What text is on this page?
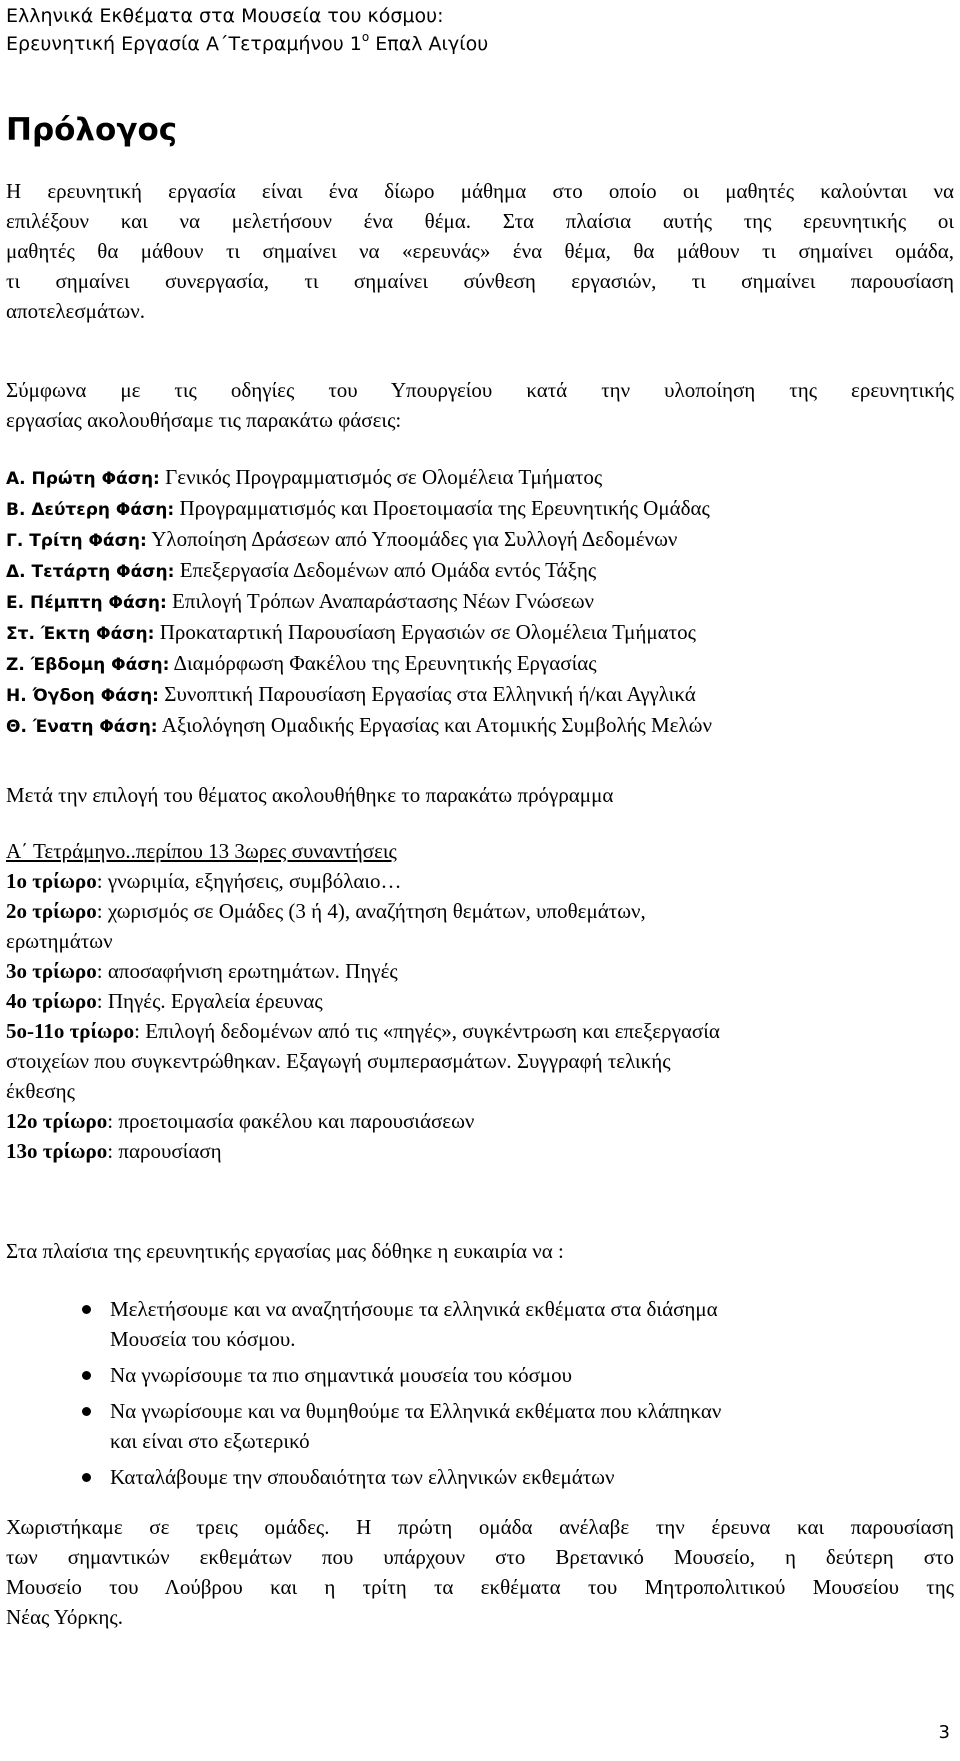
Ελληνικά Εκθέματα στα Μουσεία του κόσμου:
Ερευνητική Εργασία Α΄Τετραμήνου $1^o$ Επαλ Αιγίου
Πρόλογος
Η ερευνητική εργασία είναι ένα δίωρο μάθημα στο οποίο οι μαθητές καλούνται να
επιλέξουν και να μελετήσουν ένα θέμα. Στα πλαίσια αυτής της ερευνητικής οι
μαθητές θα μάθουν τι σημαίνει να «ερευνάς» ένα θέμα, θα μάθουν τι σημαίνει ομάδα,
τι σημαίνει συνεργασία, τι σημαίνει σύνθεση εργασιών, τι σημαίνει παρουσίαση
αποτελεσμάτων.
Σύμφωνα με τις οδηγίες του Υπουργείου κατά την υλοποίηση της ερευνητικής
εργασίας ακολουθήσαμε τις παρακάτω φάσεις:
Α. Πρώτη Φάση: Γενικός Προγραμματισμός σε Ολομέλεια Τμήματος
Β. Δεύτερη Φάση: Προγραμματισμός και Προετοιμασία της Ερευνητικής Ομάδας
Γ. Τρίτη Φάση: Υλοποίηση Δράσεων από Υποομάδες για Συλλογή Δεδομένων
Δ. Τετάρτη Φάση: Επεξεργασία Δεδομένων από Ομάδα εντός Τάξης
Ε. Πέμπτη Φάση: Επιλογή Τρόπων Αναπαράστασης Νέων Γνώσεων
Στ. Έκτη Φάση: Προκαταρτική Παρουσίαση Εργασιών σε Ολομέλεια Τμήματος
Ζ. Έβδομη Φάση: Διαμόρφωση Φακέλου της Ερευνητικής Εργασίας
Η. Όγδοη Φάση: Συνοπτική Παρουσίαση Εργασίας στα Ελληνική ή/και Αγγλικά
Θ. Ένατη Φάση: Αξιολόγηση Ομαδικής Εργασίας και Ατομικής Συμβολής Μελών
Μετά την επιλογή του θέματος ακολουθήθηκε το παρακάτω πρόγραμμα
Α΄ Τετράμηνο..περίπου 13 3ωρες συναντήσεις
1ο τρίωρο: γνωριμία, εξηγήσεις, συμβόλαιο…
2ο τρίωρο: χωρισμός σε Ομάδες (3 ή 4), αναζήτηση θεμάτων, υποθεμάτων,
ερωτημάτων
3ο τρίωρο: αποσαφήνιση ερωτημάτων. Πηγές
4ο τρίωρο: Πηγές. Εργαλεία έρευνας
5ο-11ο τρίωρο: Επιλογή δεδομένων από τις «πηγές», συγκέντρωση και επεξεργασία
στοιχείων που συγκεντρώθηκαν. Εξαγωγή συμπερασμάτων. Συγγραφή τελικής
έκθεσης
12ο τρίωρο: προετοιμασία φακέλου και παρουσιάσεων
13ο τρίωρο: παρουσίαση
Στα πλαίσια της ερευνητικής εργασίας μας δόθηκε η ευκαιρία να :
Μελετήσουμε και να αναζητήσουμε τα ελληνικά εκθέματα στα διάσημα
Μουσεία του κόσμου.
Να γνωρίσουμε τα πιο σημαντικά μουσεία του κόσμου
Να γνωρίσουμε και να θυμηθούμε τα Ελληνικά εκθέματα που κλάπηκαν
και είναι στο εξωτερικό
Καταλάβουμε την σπουδαιότητα των ελληνικών εκθεμάτων
Χωριστήκαμε σε τρεις ομάδες. Η πρώτη ομάδα ανέλαβε την έρευνα και παρουσίαση
των σημαντικών εκθεμάτων που υπάρχουν στο Βρετανικό Μουσείο, η δεύτερη στο
Μουσείο του Λούβρου και η τρίτη τα εκθέματα του Μητροπολιτικού Μουσείου της
Νέας Υόρκης.
3
